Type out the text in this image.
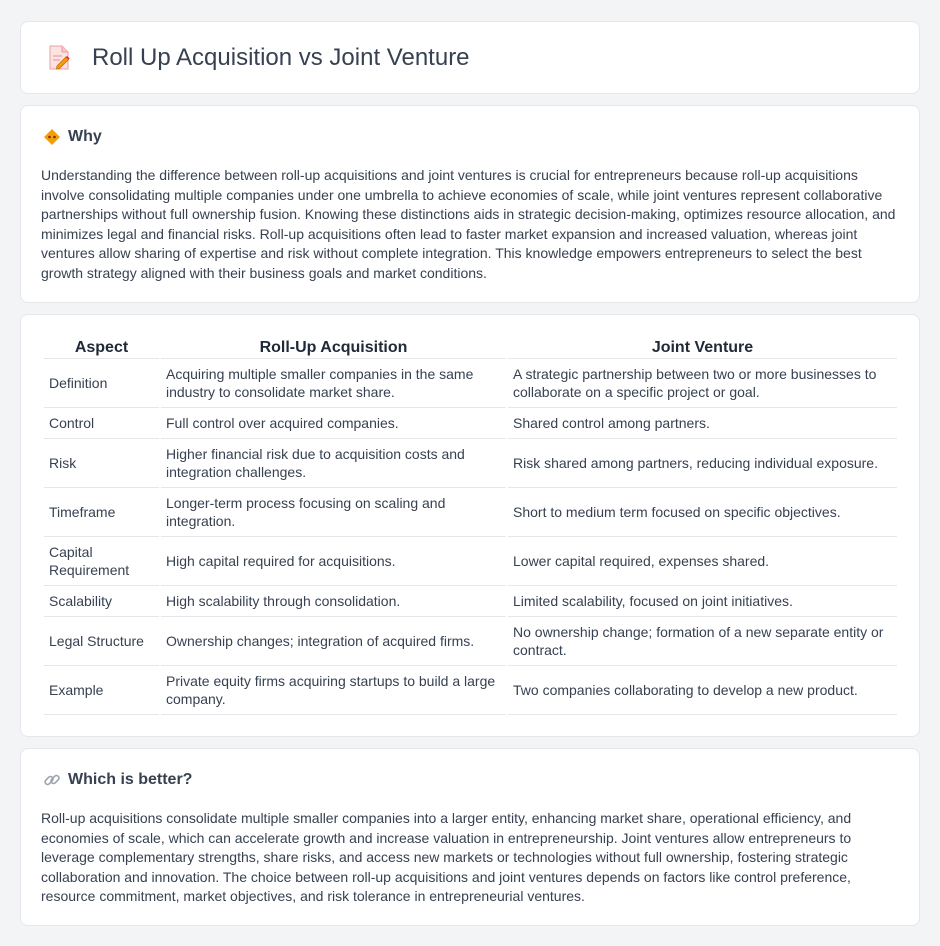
Roll Up Acquisition vs Joint Venture
Why

Understanding the difference between roll-up acquisitions and joint ventures is crucial for entrepreneurs because roll-up acquisitions involve consolidating multiple companies under one umbrella to achieve economies of scale, while joint ventures represent collaborative partnerships without full ownership fusion. Knowing these distinctions aids in strategic decision-making, optimizes resource allocation, and minimizes legal and financial risks. Roll-up acquisitions often lead to faster market expansion and increased valuation, whereas joint ventures allow sharing of expertise and risk without complete integration. This knowledge empowers entrepreneurs to select the best growth strategy aligned with their business goals and market conditions.

Aspect	Roll-Up Acquisition	Joint Venture
Definition	Acquiring multiple smaller companies in the same industry to consolidate market share.	A strategic partnership between two or more businesses to collaborate on a specific project or goal.
Control	Full control over acquired companies.	Shared control among partners.
Risk	Higher financial risk due to acquisition costs and integration challenges.	Risk shared among partners, reducing individual exposure.
Timeframe	Longer-term process focusing on scaling and integration.	Short to medium term focused on specific objectives.
Capital Requirement	High capital required for acquisitions.	Lower capital required, expenses shared.
Scalability	High scalability through consolidation.	Limited scalability, focused on joint initiatives.
Legal Structure	Ownership changes; integration of acquired firms.	No ownership change; formation of a new separate entity or contract.
Example	Private equity firms acquiring startups to build a large company.	Two companies collaborating to develop a new product.
Which is better?

Roll-up acquisitions consolidate multiple smaller companies into a larger entity, enhancing market share, operational efficiency, and economies of scale, which can accelerate growth and increase valuation in entrepreneurship. Joint ventures allow entrepreneurs to leverage complementary strengths, share risks, and access new markets or technologies without full ownership, fostering strategic collaboration and innovation. The choice between roll-up acquisitions and joint ventures depends on factors like control preference, resource commitment, market objectives, and risk tolerance in entrepreneurial ventures.
